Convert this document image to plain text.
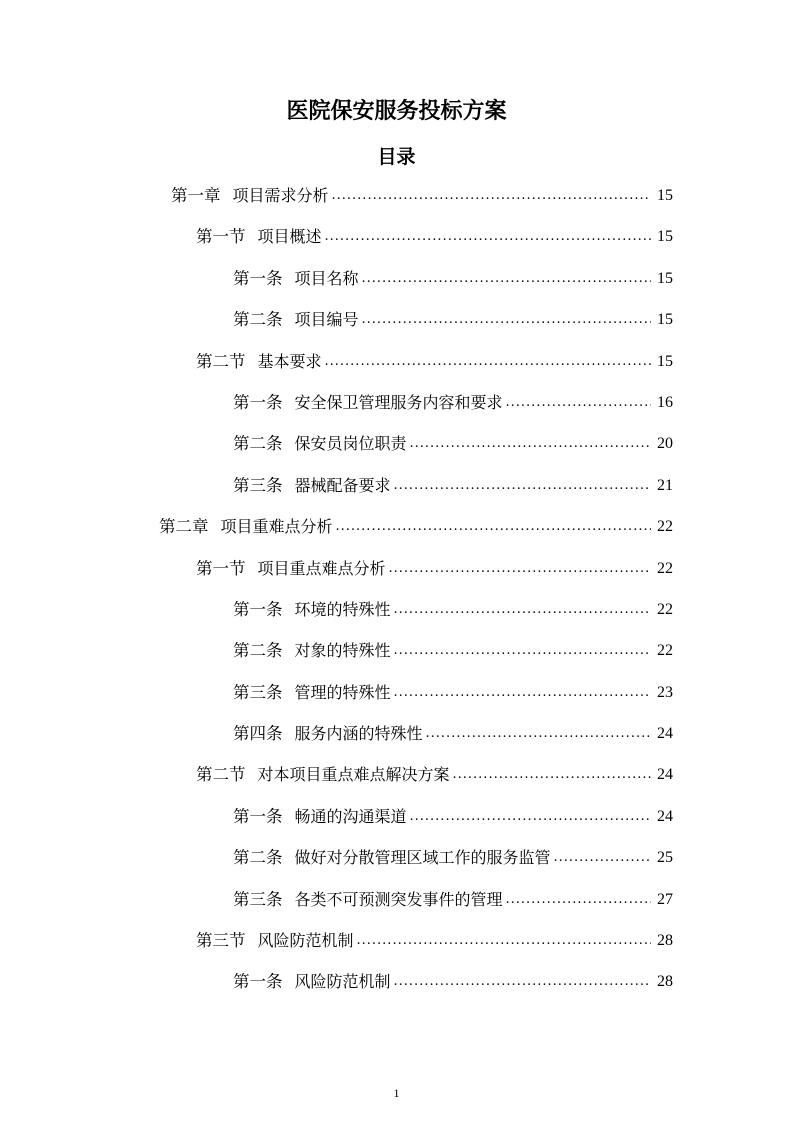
医院保安服务投标方案
目录
第一章 项目需求分析 .....	15
第一节 项目概述 .....	15
第一条 项目名称 .....	15
第二条 项目编号 .....	15
第二节 基本要求 .....	15
第一条 安全保卫管理服务内容和要求 .....	16
第二条 保安员岗位职责 .....	20
第三条 器械配备要求 .....	21
第二章 项目重难点分析 .....	22
第一节 项目重点难点分析 .....	22
第一条 环境的特殊性 .....	22
第二条 对象的特殊性 .....	22
第三条 管理的特殊性 .....	23
第四条 服务内涵的特殊性 .....	24
第二节 对本项目重点难点解决方案 .....	24
第一条 畅通的沟通渠道 .....	24
第二条 做好对分散管理区域工作的服务监管 .....	25
第三条 各类不可预测突发事件的管理 .....	27
第三节 风险防范机制 .....	28
第一条 风险防范机制 .....	28
1
